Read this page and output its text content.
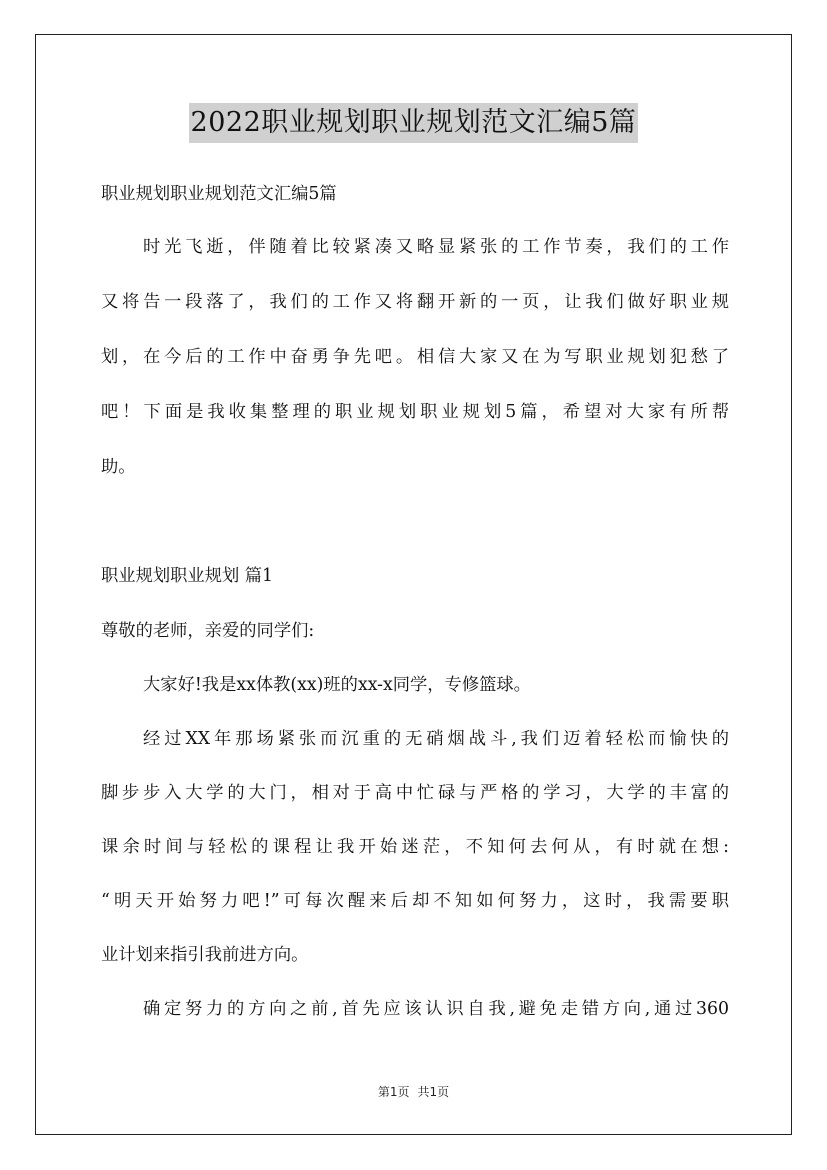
2022职业规划职业规划范文汇编5篇
职业规划职业规划范文汇编5篇
时光飞逝，伴随着比较紧凑又略显紧张的工作节奏，我们的工作
又将告一段落了，我们的工作又将翻开新的一页，让我们做好职业规
划，在今后的工作中奋勇争先吧。相信大家又在为写职业规划犯愁了
吧！下面是我收集整理的职业规划职业规划5篇，希望对大家有所帮
助。
职业规划职业规划 篇1
尊敬的老师，亲爱的同学们:
大家好!我是xx体教(xx)班的xx-x同学，专修篮球。
经过XX年那场紧张而沉重的无硝烟战斗,我们迈着轻松而愉快的
脚步步入大学的大门，相对于高中忙碌与严格的学习，大学的丰富的
课余时间与轻松的课程让我开始迷茫，不知何去何从，有时就在想:
“明天开始努力吧!”可每次醒来后却不知如何努力，这时，我需要职
业计划来指引我前进方向。
确定努力的方向之前,首先应该认识自我,避免走错方向,通过360
第1页 共1页
